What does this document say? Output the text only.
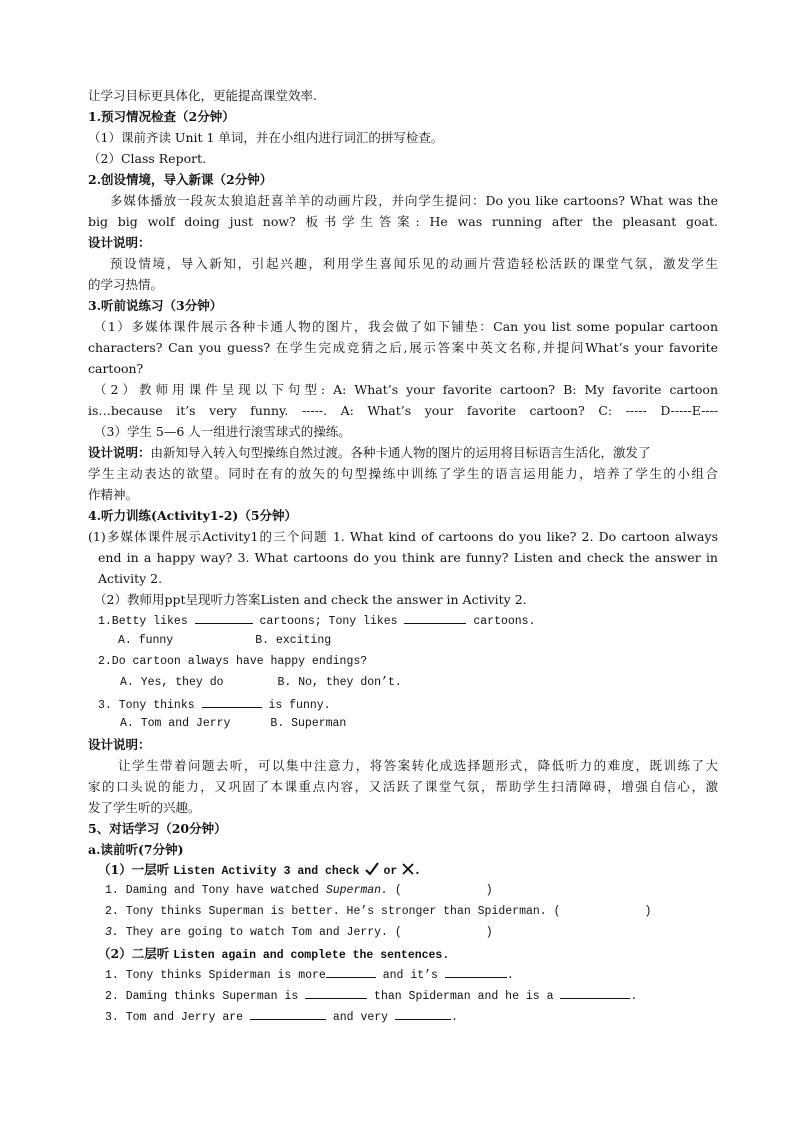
让学习目标更具体化，更能提高课堂效率.
1.预习情况检查（2分钟）
（1）课前齐读 Unit 1 单词，并在小组内进行词汇的拼写检查。
（2）Class Report.
2.创设情境，导入新课（2分钟）
多媒体播放一段灰太狼追赶喜羊羊的动画片段，并向学生提问：Do you like cartoons? What was the
big big wolf doing just now? 板书学生答案: He was running after the pleasant goat.
设计说明：
预设情境，导入新知，引起兴趣，利用学生喜闻乐见的动画片营造轻松活跃的课堂气氛，激发学生
的学习热情。
3.听前说练习（3分钟）
（1）多媒体课件展示各种卡通人物的图片，我会做了如下铺垫：Can you list some popular cartoon
characters? Can you guess? 在学生完成竞猜之后,展示答案中英文名称,并提问What’s your favorite
cartoon?
（2）教师用课件呈现以下句型: A: What’s your favorite cartoon? B: My favorite cartoon
is…because it’s very funny. -----. A: What’s your favorite cartoon? C: ----- D-----E----
（3）学生 5—6 人一组进行滚雪球式的操练。
设计说明：由新知导入转入句型操练自然过渡。各种卡通人物的图片的运用将目标语言生活化，激发了
学生主动表达的欲望。同时在有的放矢的句型操练中训练了学生的语言运用能力，培养了学生的小组合
作精神。
4.听力训练(Activity1-2)（5分钟）
(1)多媒体课件展示Activity1的三个问题 1. What kind of cartoons do you like? 2. Do cartoon always
end in a happy way? 3. What cartoons do you think are funny? Listen and check the answer in
Activity 2.
（2）教师用ppt呈现听力答案Listen and check the answer in Activity 2.
1.Betty likes	cartoons; Tony likes	cartoons.
A. funny	B. exciting
2.Do cartoon always have happy endings?
A. Yes, they do	B. No, they don’t.
3. Tony thinks	is funny.
A. Tom and Jerry	B. Superman
设计说明：
让学生带着问题去听，可以集中注意力，将答案转化成选择题形式，降低听力的难度，既训练了大
家的口头说的能力，又巩固了本课重点内容，又活跃了课堂气氛，帮助学生扫清障碍，增强自信心，激
发了学生听的兴趣。
5、对话学习（20分钟）
a.读前听(7分钟)
（1）一层听 Listen Activity 3 and check or .
1. Daming and Tony have watched Superman. (	)
2. Tony thinks Superman is better. He’s stronger than Spiderman. (	)
3. They are going to watch Tom and Jerry. (	)
（2）二层听 Listen again and complete the sentences.
1. Tony thinks Spiderman is more	and it’s	.
2. Daming thinks Superman is	than Spiderman and he is a	.
3. Tom and Jerry are	and very	.
